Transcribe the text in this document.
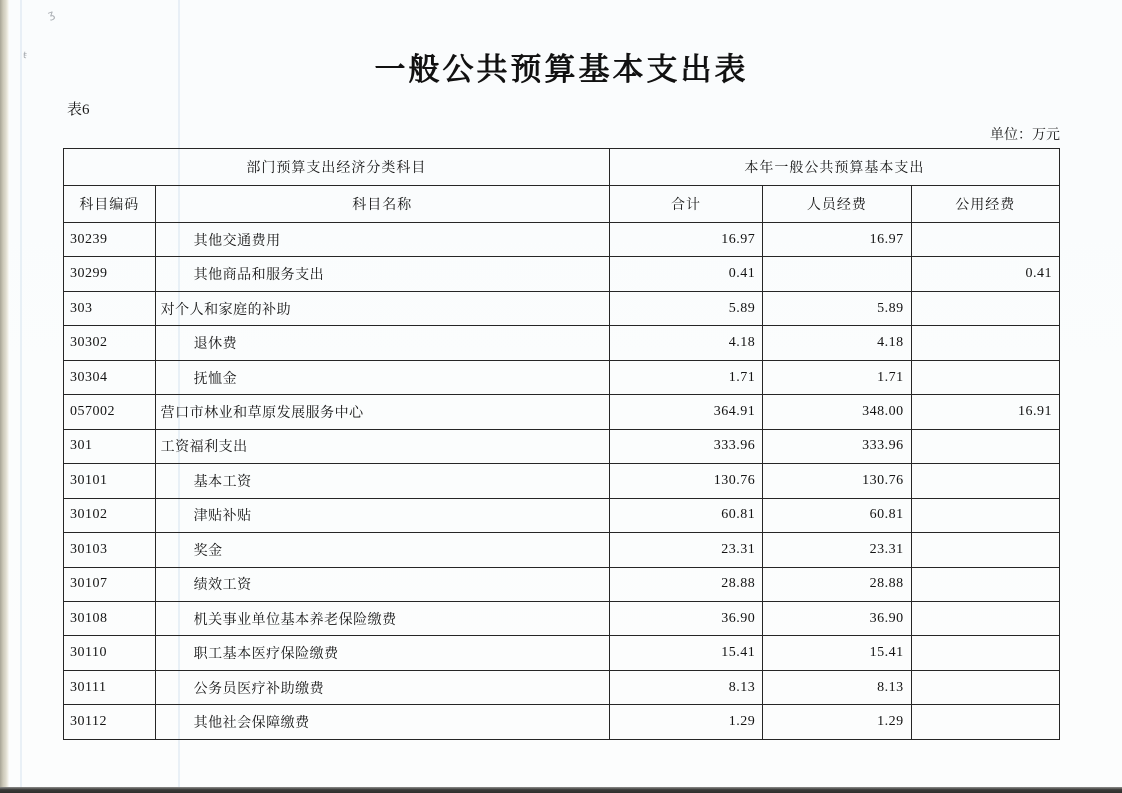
ʒ
ŧ	一般公共预算基本支出表
表6
单位：万元
部门预算支出经济分类科目		本年一般公共预算基本支出		
科目编码	科目名称	合计	人员经费	公用经费
30239	其他交通费用	16.97	16.97	
30299	其他商品和服务支出	0.41		0.41
303	对个人和家庭的补助	5.89	5.89	
30302	退休费	4.18	4.18	
30304	抚恤金	1.71	1.71	
057002	营口市林业和草原发展服务中心	364.91	348.00	16.91
301	工资福利支出	333.96	333.96	
30101	基本工资	130.76	130.76	
30102	津贴补贴	60.81	60.81	
30103	奖金	23.31	23.31	
30107	绩效工资	28.88	28.88	
30108	机关事业单位基本养老保险缴费	36.90	36.90	
30110	职工基本医疗保险缴费	15.41	15.41	
30111	公务员医疗补助缴费	8.13	8.13	
30112	其他社会保障缴费	1.29	1.29	
